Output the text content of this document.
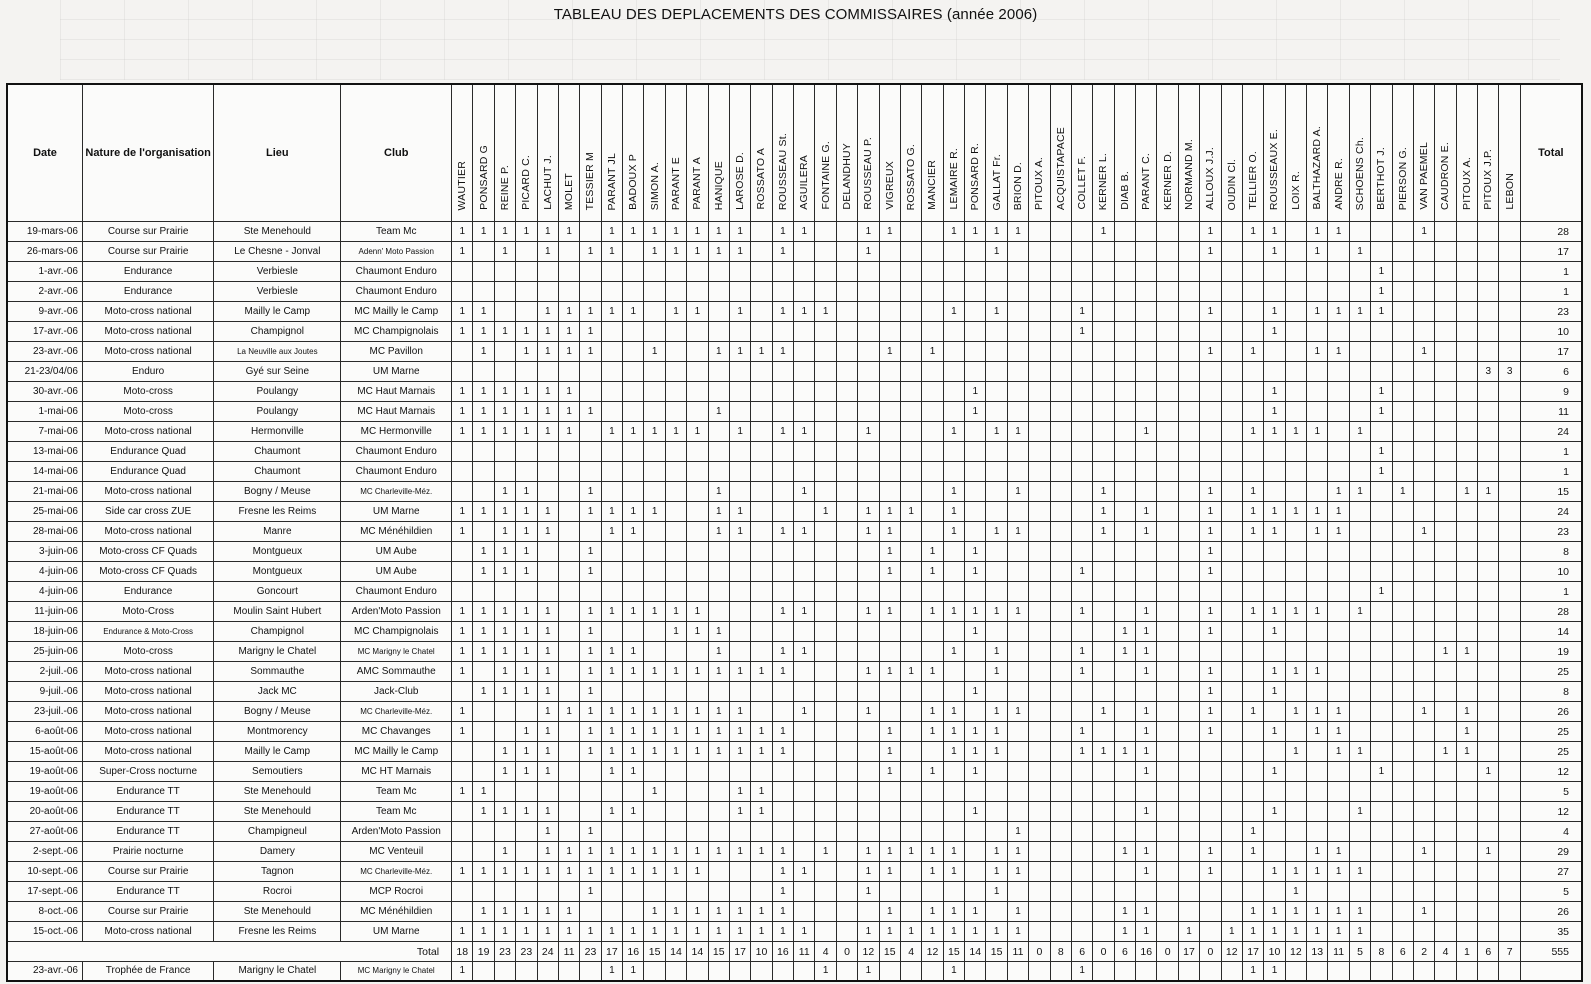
TABLEAU DES DEPLACEMENTS DES COMMISSAIRES (année 2006)
Date	Nature de l'organisation	Lieu	Club	WAUTIER	PONSARD G	REINE P.	PICARD C.	LACHUT J.	MOLET	TESSIER M	PARANT JL	BADOUX P	SIMON A.	PARANT E	PARANT A	HANIQUE	LAROSE D.	ROSSATO A	ROUSSEAU St.	AGUILERA	FONTAINE G.	DELANDHUY	ROUSSEAU P.	VIGREUX	ROSSATO G.	MANCIER	LEMAIRE R.	PONSARD R.	GALLAT Fr.	BRION D.	PITOUX A.	ACQUISTAPACE	COLLET F.	KERNER L.	DIAB B.	PARANT C.	KERNER D.	NORMAND M.	ALLOUX J.J.	OUDIN Cl.	TELLIER O.	ROUSSEAUX E.	LOIX R.	BALTHAZARD A.	ANDRE R.	SCHOENS Ch.	BERTHOT J.	PIERSON G.	VAN PAEMEL	CAUDRON E.	PITOUX A.	PITOUX J.P.	LEBON	Total
19-mars-06	Course sur Prairie	Ste Menehould	Team Mc	1	1	1	1	1	1		1	1	1	1	1	1	1		1	1			1	1			1	1	1	1				1					1		1	1		1	1				1					28
26-mars-06	Course sur Prairie	Le Chesne - Jonval	Adenn' Moto Passion	1		1		1		1	1		1	1	1	1	1		1				1						1										1			1		1		1								17
1-avr.-06	Endurance	Verbiesle	Chaumont Enduro																																												1							1
2-avr.-06	Endurance	Verbiesle	Chaumont Enduro																																												1							1
9-avr.-06	Moto-cross national	Mailly le Camp	MC Mailly le Camp	1	1			1	1	1	1	1		1	1		1		1	1	1						1		1				1						1			1		1	1	1	1							23
17-avr.-06	Moto-cross national	Champignol	MC Champignolais	1	1	1	1	1	1	1																							1									1												10
23-avr.-06	Moto-cross national	La Neuville aux Joutes	MC Pavillon		1		1	1	1	1			1			1	1	1	1					1		1													1		1			1	1				1					17
21-23/04/06	Enduro	Gyé sur Seine	UM Marne																																																	3	3	6
30-avr.-06	Moto-cross	Poulangy	MC Haut Marnais	1	1	1	1	1	1																			1														1					1							9
1-mai-06	Moto-cross	Poulangy	MC Haut Marnais	1	1	1	1	1	1	1						1												1														1					1							11
7-mai-06	Moto-cross national	Hermonville	MC Hermonville	1	1	1	1	1	1		1	1	1	1	1		1		1	1			1				1		1	1						1					1	1	1	1		1								24
13-mai-06	Endurance Quad	Chaumont	Chaumont Enduro																																												1							1
14-mai-06	Endurance Quad	Chaumont	Chaumont Enduro																																												1							1
21-mai-06	Moto-cross national	Bogny / Meuse	MC Charleville-Méz.			1	1			1						1				1							1			1				1					1		1				1	1		1			1	1		15
25-mai-06	Side car cross ZUE	Fresne les Reims	UM Marne	1	1	1	1	1		1	1	1	1			1	1				1		1	1	1		1							1		1			1		1	1	1	1	1									24
28-mai-06	Moto-cross national	Manre	MC Ménéhildien	1		1	1	1			1	1				1	1		1	1			1	1			1		1	1				1		1			1		1	1		1	1				1					23
3-juin-06	Moto-cross CF Quads	Montgueux	UM Aube		1	1	1			1														1		1		1											1															8
4-juin-06	Moto-cross CF Quads	Montgueux	UM Aube		1	1	1			1														1		1		1					1						1															10
4-juin-06	Endurance	Goncourt	Chaumont Enduro																																												1							1
11-juin-06	Moto-Cross	Moulin Saint Hubert	Arden'Moto Passion	1	1	1	1	1		1	1	1	1	1	1				1	1			1	1		1	1	1	1	1			1			1			1		1	1	1	1		1								28
18-juin-06	Endurance & Moto-Cross	Champignol	MC Champignolais	1	1	1	1	1		1				1	1	1												1							1	1			1			1												14
25-juin-06	Moto-cross	Marigny le Chatel	MC Marigny le Chatel	1	1	1	1	1		1	1	1				1			1	1							1		1				1		1	1														1	1			19
2-juil.-06	Moto-cross national	Sommauthe	AMC Sommauthe	1		1	1	1		1	1	1	1	1	1	1	1	1	1				1	1	1	1			1				1			1			1			1	1	1										25
9-juil.-06	Moto-cross national	Jack MC	Jack-Club		1	1	1	1		1																		1											1			1												8
23-juil.-06	Moto-cross national	Bogny / Meuse	MC Charleville-Méz.	1				1	1	1	1	1	1	1	1	1	1			1			1			1	1		1	1				1		1			1		1		1	1	1				1		1			26
6-août-06	Moto-cross national	Montmorency	MC Chavanges	1			1	1		1	1	1	1	1	1	1	1	1	1					1		1	1	1	1				1			1			1			1		1	1						1			25
15-août-06	Moto-cross national	Mailly le Camp	MC Mailly le Camp			1	1	1		1	1	1	1	1	1	1	1	1	1					1			1	1	1				1	1	1	1							1		1	1				1	1			25
19-août-06	Super-Cross nocturne	Semoutiers	MC HT Marnais			1	1	1			1	1												1		1		1								1						1					1					1		12
19-août-06	Endurance TT	Ste Menehould	Team Mc	1	1								1				1	1																																				5
20-août-06	Endurance TT	Ste Menehould	Team Mc		1	1	1	1			1	1					1	1										1								1						1				1								12
27-août-06	Endurance TT	Champigneul	Arden'Moto Passion					1		1																				1											1													4
2-sept.-06	Prairie nocturne	Damery	MC Venteuil			1		1	1	1	1	1	1	1	1	1	1	1	1		1		1	1	1	1	1		1	1					1	1			1		1			1	1				1			1		29
10-sept.-06	Course sur Prairie	Tagnon	MC Charleville-Méz.	1	1	1	1	1	1	1	1	1	1	1	1				1	1			1	1		1	1		1	1						1			1			1	1	1	1	1								27
17-sept.-06	Endurance TT	Rocroi	MCP Rocroi							1									1				1						1														1											5
8-oct.-06	Course sur Prairie	Ste Menehould	MC Ménéhildien		1	1	1	1	1				1	1	1	1	1	1	1					1		1	1	1		1					1	1					1	1	1	1	1	1			1					26
15-oct.-06	Moto-cross national	Fresne les Reims	UM Marne	1	1	1	1	1	1	1	1	1	1	1	1	1	1	1	1	1			1	1	1	1	1	1	1	1					1	1		1		1	1	1	1	1	1	1								35
Total				18	19	23	23	24	11	23	17	16	15	14	14	15	17	10	16	11	4	0	12	15	4	12	15	14	15	11	0	8	6	0	6	16	0	17	0	12	17	10	12	13	11	5	8	6	2	4	1	6	7	555
23-avr.-06	Trophée de France	Marigny le Chatel	MC Marigny le Chatel	1							1	1									1		1				1						1								1	1												
